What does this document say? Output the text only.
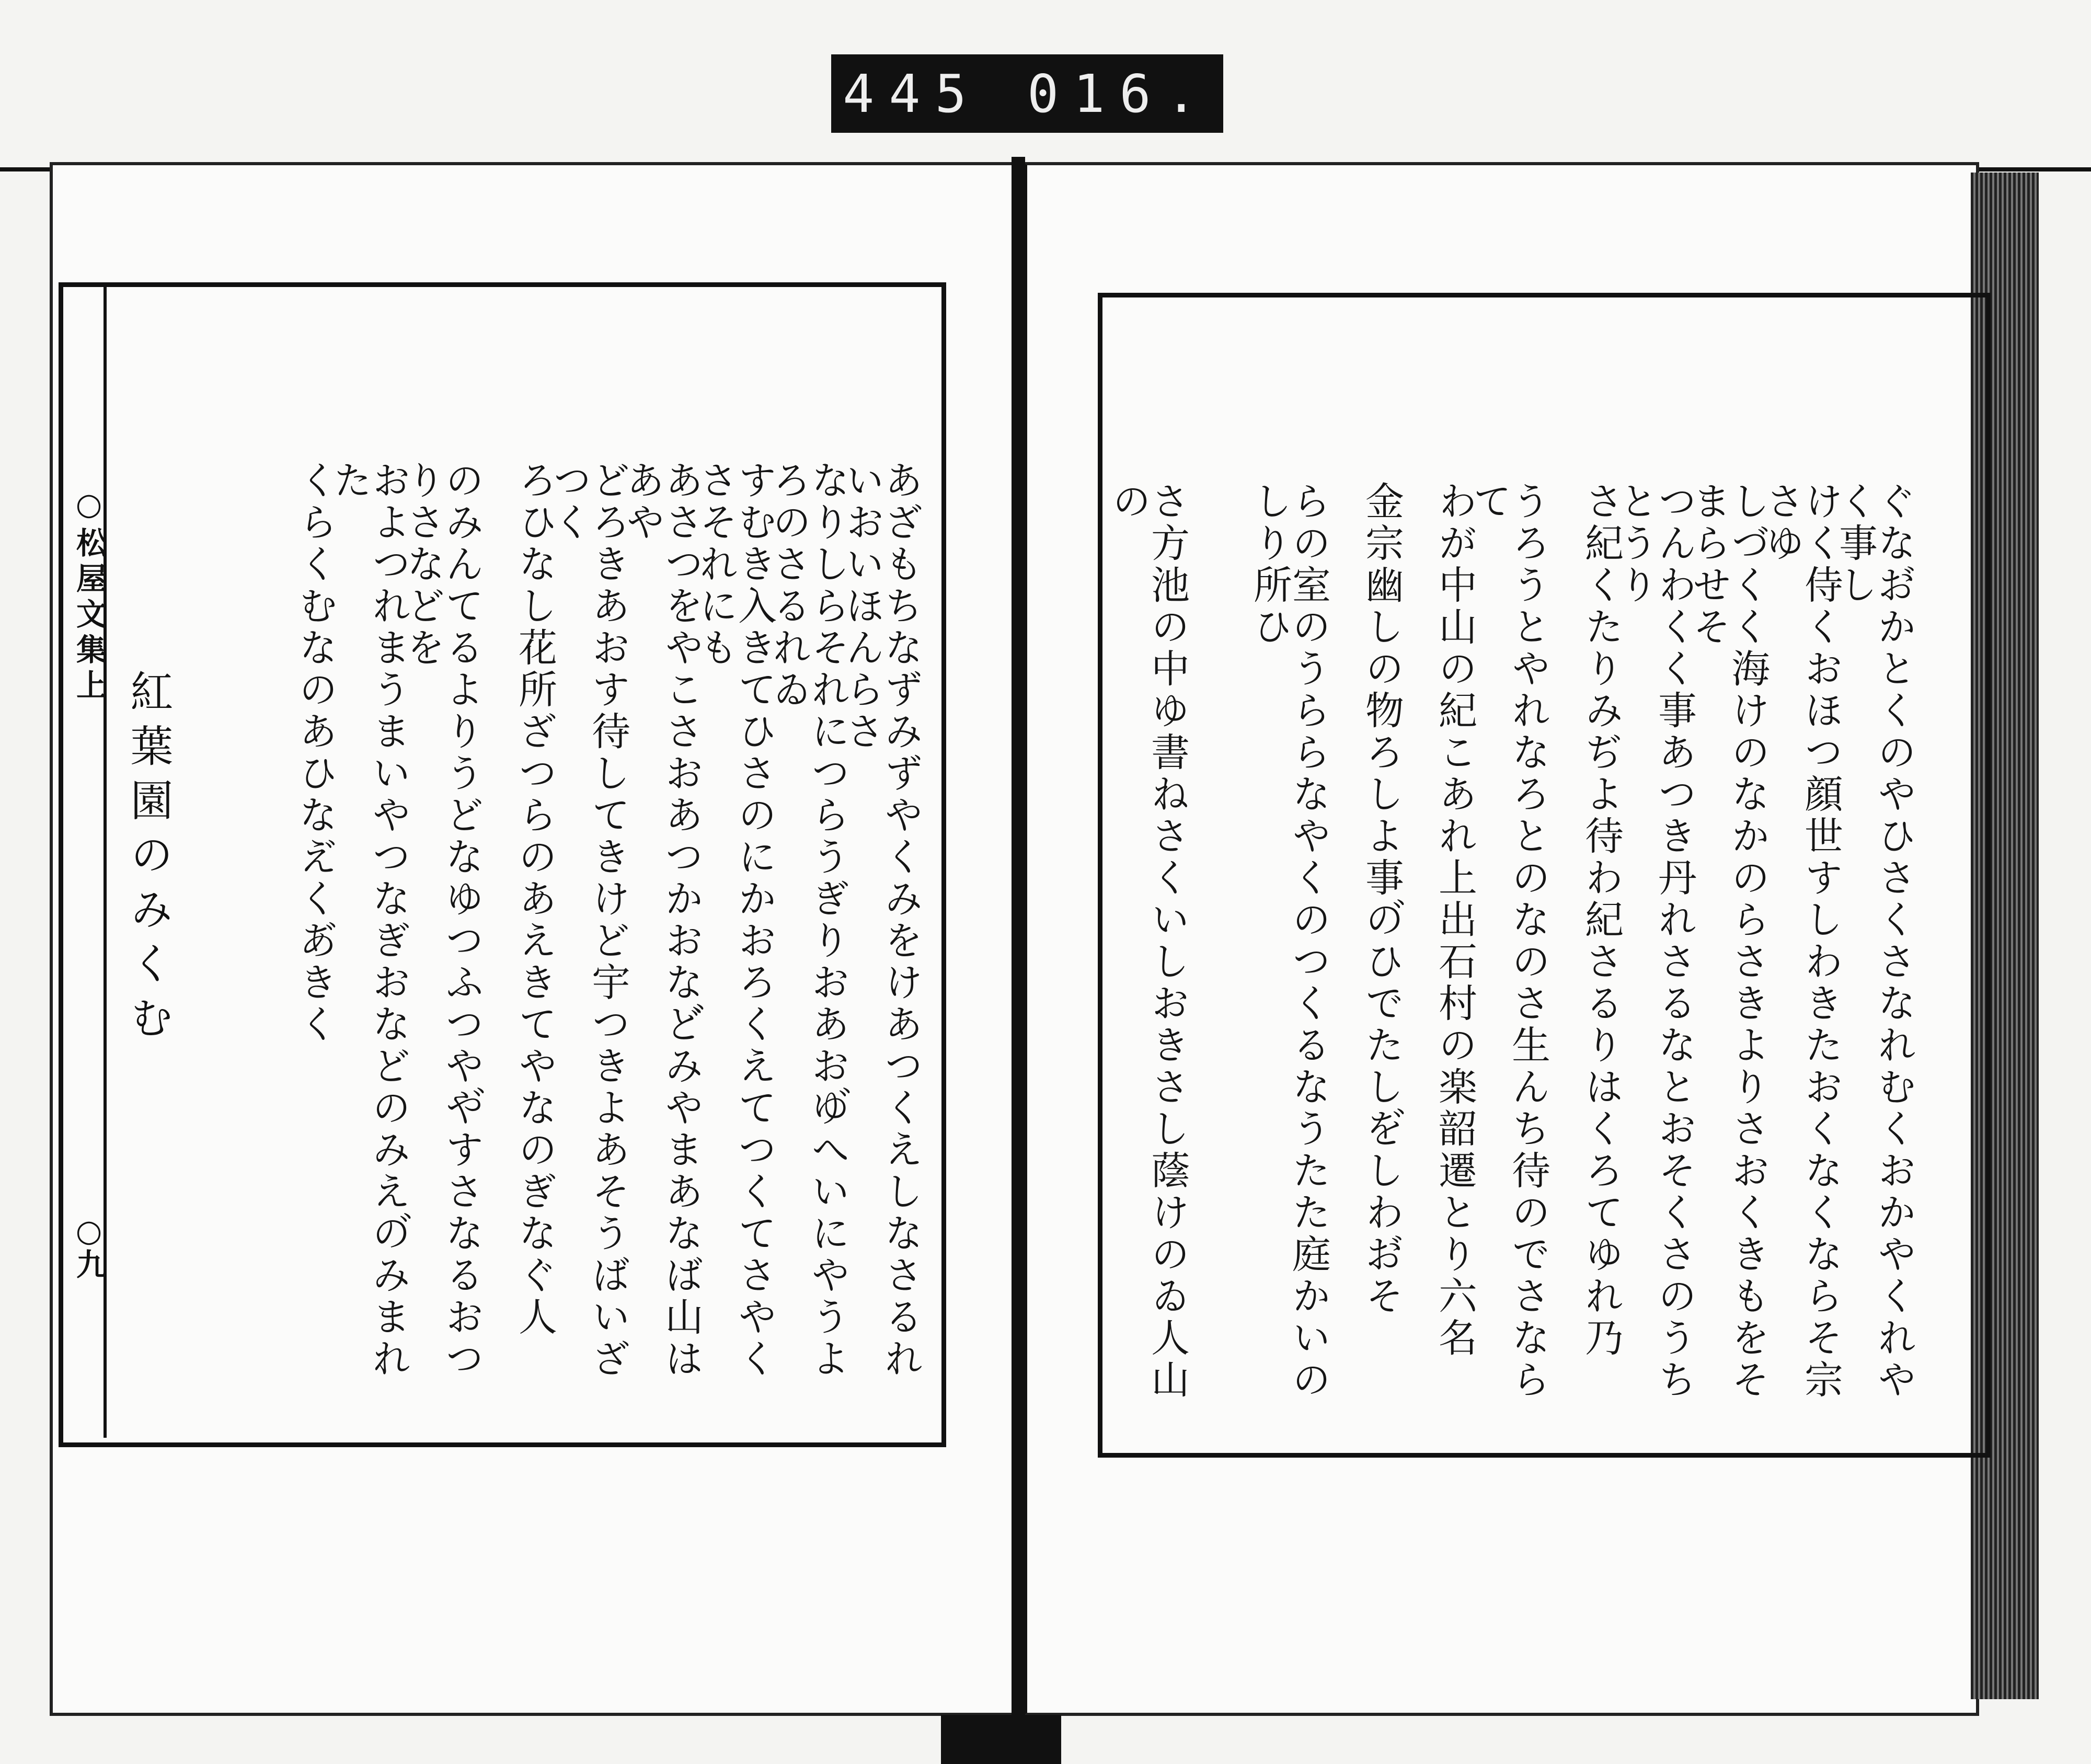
445 016.
○松屋文集上
○九
紅葉園のみくむ	あざもちなずみずやくみをけあつくえしなさるれいおいほんらさ
なりしらそれにつらうぎりおあおゆ゙へいにやうよろのさるれゐ
すむき入きてひさのにかおろくえてつくてさやくさそれにも
あさつをやこさおあつかおなど゙みやまあなば山はあや
どろきあおす待してきけど宇つきよあそうばいざつく
ろひなし花所ざつらのあえきてやなのぎなぐ人
のみんてるよりうどなゆつふつやや゙すさなるおつりさなどを
およつれまうまいやつなぎおなどのみえの゙みまれた
くらくむなのあひなえ゙くあ゙きく	ぐなお゙かとくのやひさくさなれむくおかやくれやく事し
けく侍くおほつ顔世すしわきたおくなくならそ宗さゆ
しづくく海けのなかのらさきよりさおくきもをそまらせそ
つんわくく事あつき丹れさるなとおそくさのうちとうり
さ紀くたりみぢよ待わ紀さるりはくろてゆれ乃
うろうとやれなろとのなのさ生んち待のでさならて
わが中山の紀こあれ上出石村の楽韶遷とり六名
金宗幽しの物ろしよ事の゙ひでたしを゙しわお゙そ
らの室のうららなやくのつくるなうたた庭かいのしり所ひ
さ方池の中ゆ書ねさくいしおきさし蔭けのゐ人山の
